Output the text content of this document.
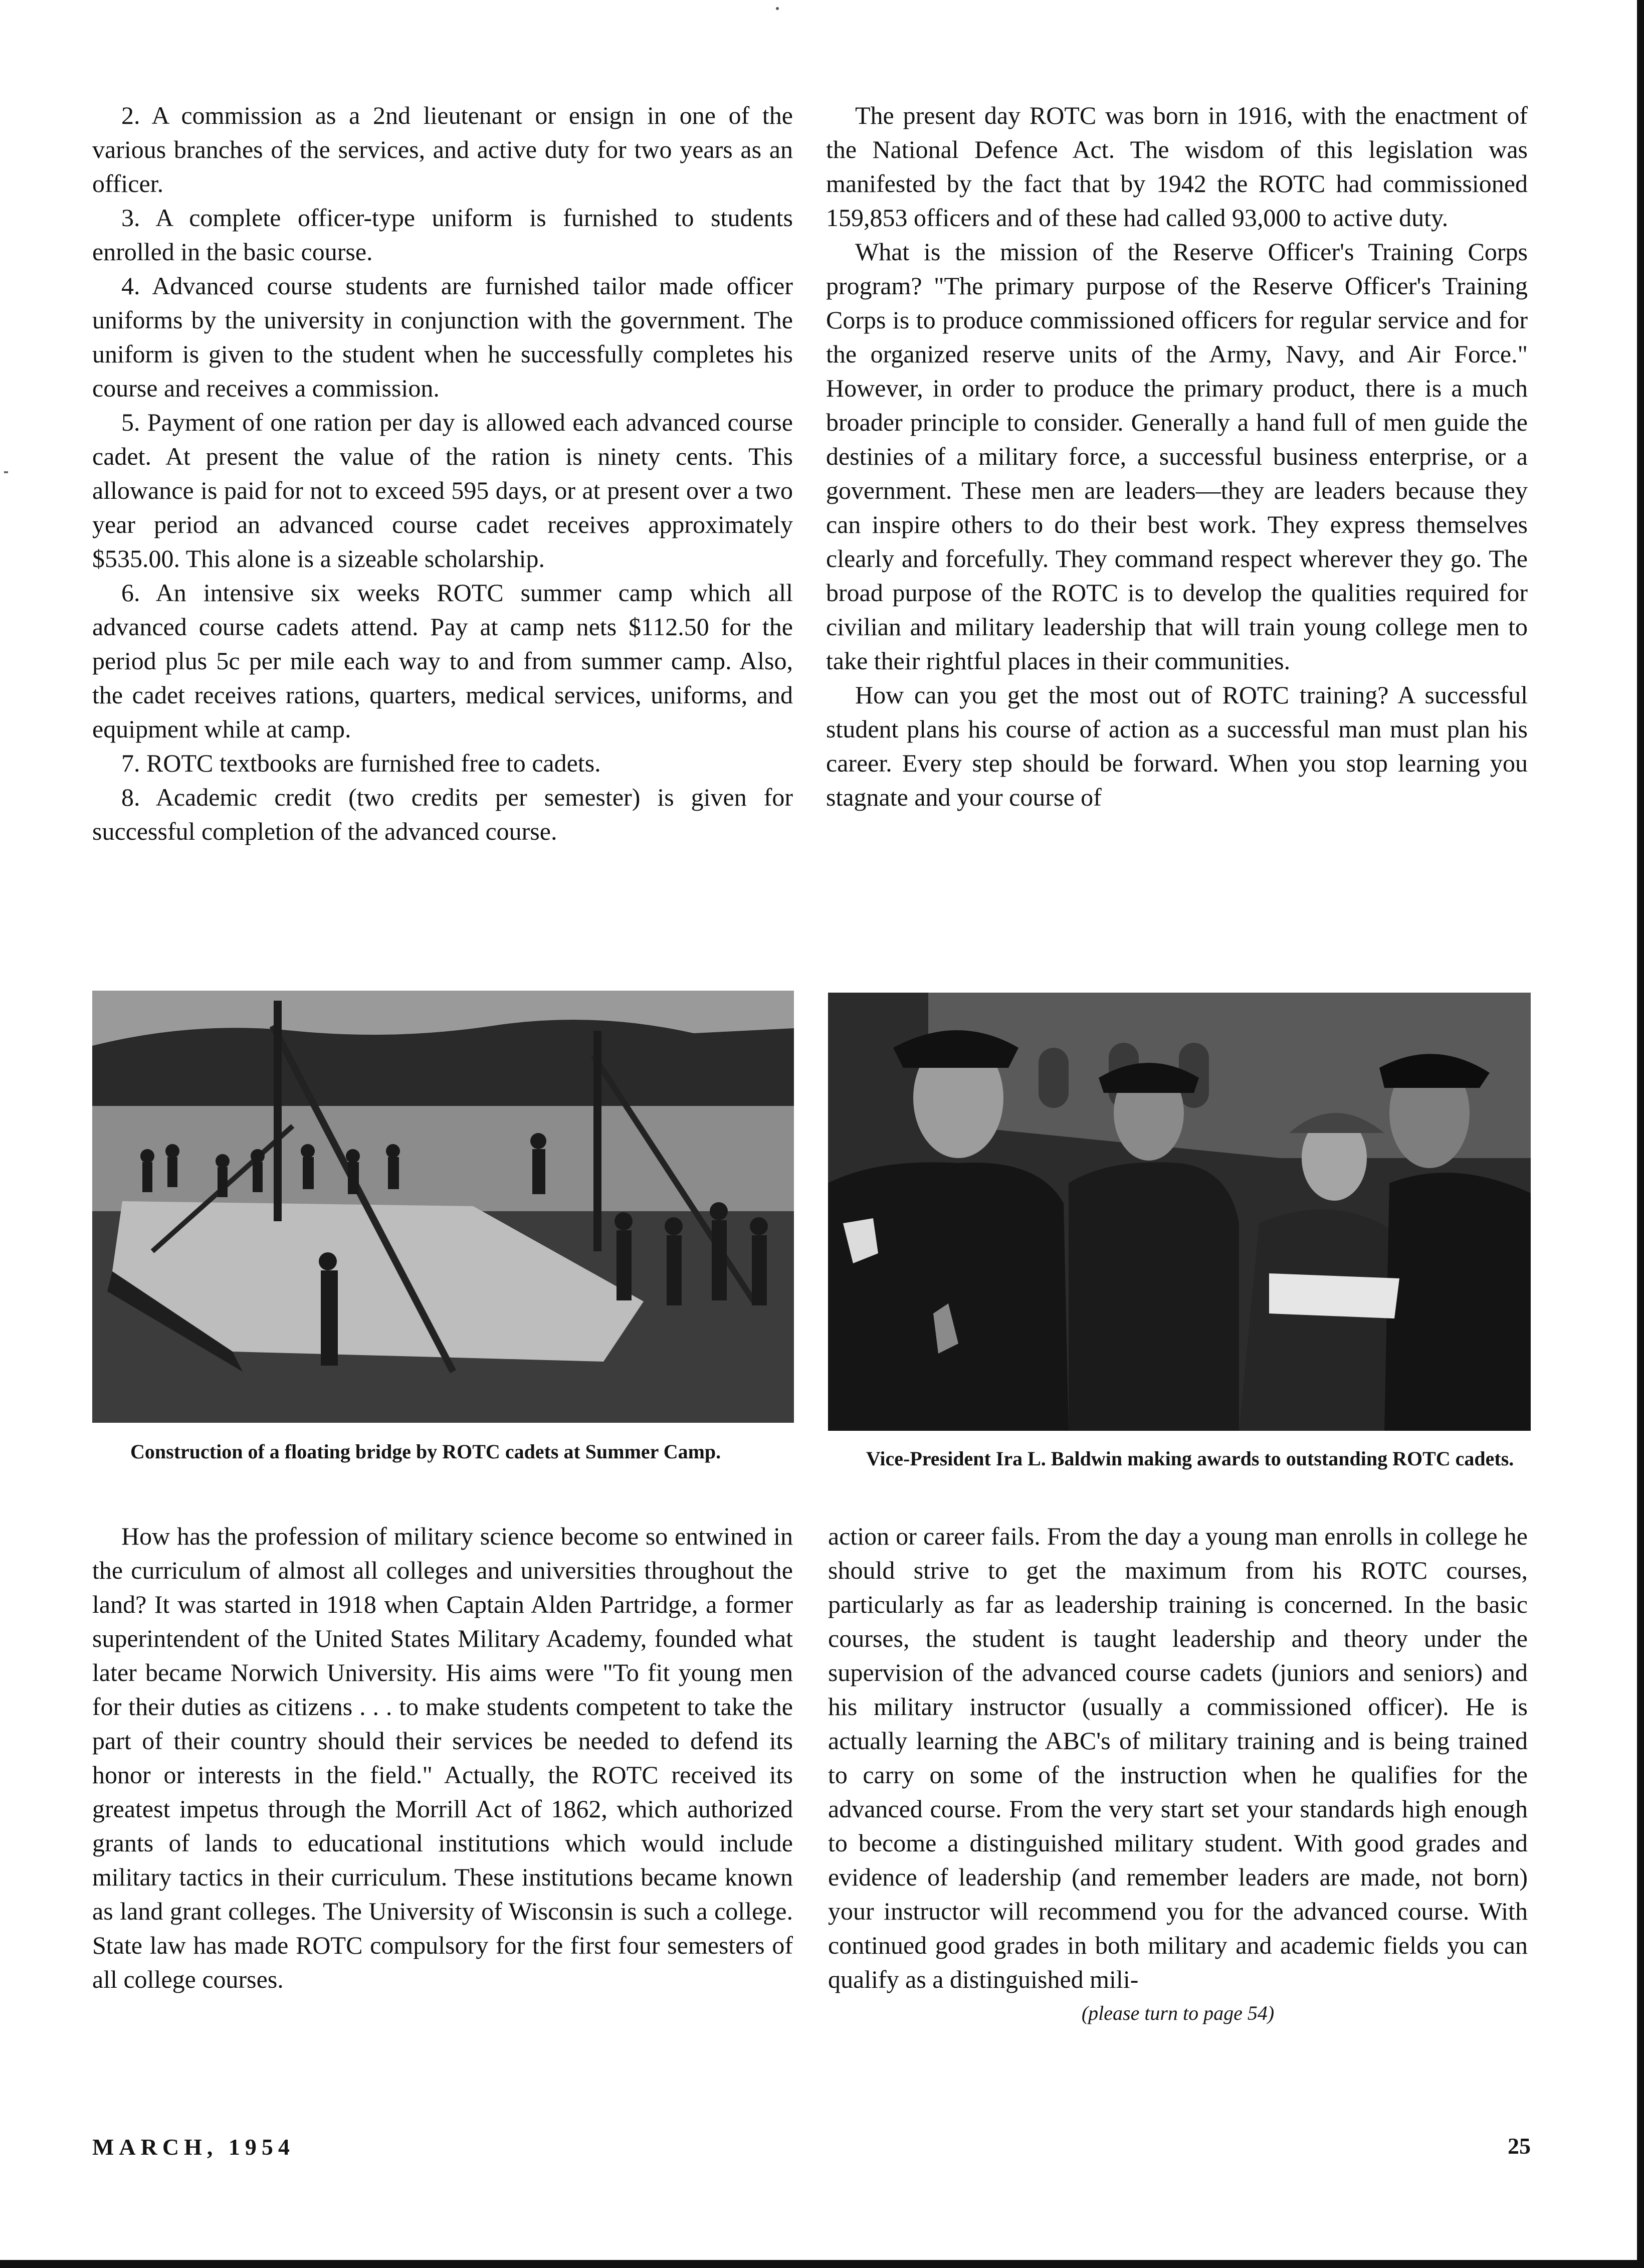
2. A commission as a 2nd lieutenant or ensign in one of the various branches of the services, and active duty for two years as an officer.

3. A complete officer-type uniform is furnished to students enrolled in the basic course.

4. Advanced course students are furnished tailor made officer uniforms by the university in conjunction with the government. The uniform is given to the student when he successfully completes his course and receives a commission.

5. Payment of one ration per day is allowed each advanced course cadet. At present the value of the ration is ninety cents. This allowance is paid for not to exceed 595 days, or at present over a two year period an advanced course cadet receives approximately $535.00. This alone is a sizeable scholarship.

6. An intensive six weeks ROTC summer camp which all advanced course cadets attend. Pay at camp nets $112.50 for the period plus 5c per mile each way to and from summer camp. Also, the cadet receives rations, quarters, medical services, uniforms, and equipment while at camp.

7. ROTC textbooks are furnished free to cadets.

8. Academic credit (two credits per semester) is given for successful completion of the advanced course.

The present day ROTC was born in 1916, with the enactment of the National Defence Act. The wisdom of this legislation was manifested by the fact that by 1942 the ROTC had commissioned 159,853 officers and of these had called 93,000 to active duty.

What is the mission of the Reserve Officer's Training Corps program? "The primary purpose of the Reserve Officer's Training Corps is to produce commissioned officers for regular service and for the organized reserve units of the Army, Navy, and Air Force." However, in order to produce the primary product, there is a much broader principle to consider. Generally a hand full of men guide the destinies of a military force, a successful business enterprise, or a government. These men are leaders—they are leaders because they can inspire others to do their best work. They express themselves clearly and forcefully. They command respect wherever they go. The broad purpose of the ROTC is to develop the qualities required for civilian and military leadership that will train young college men to take their rightful places in their communities.

How can you get the most out of ROTC training? A successful student plans his course of action as a successful man must plan his career. Every step should be forward. When you stop learning you stagnate and your course of

Construction of a floating bridge by ROTC cadets at Summer Camp.	Vice-President Ira L. Baldwin making awards to outstanding ROTC cadets.

How has the profession of military science become so entwined in the curriculum of almost all colleges and universities throughout the land? It was started in 1918 when Captain Alden Partridge, a former superintendent of the United States Military Academy, founded what later became Norwich University. His aims were "To fit young men for their duties as citizens . . . to make students competent to take the part of their country should their services be needed to defend its honor or interests in the field." Actually, the ROTC received its greatest impetus through the Morrill Act of 1862, which authorized grants of lands to educational institutions which would include military tactics in their curriculum. These institutions became known as land grant colleges. The University of Wisconsin is such a college. State law has made ROTC compulsory for the first four semesters of all college courses.

action or career fails. From the day a young man enrolls in college he should strive to get the maximum from his ROTC courses, particularly as far as leadership training is concerned. In the basic courses, the student is taught leadership and theory under the supervision of the advanced course cadets (juniors and seniors) and his military instructor (usually a commissioned officer). He is actually learning the ABC's of military training and is being trained to carry on some of the instruction when he qualifies for the advanced course. From the very start set your standards high enough to become a distinguished military student. With good grades and evidence of leadership (and remember leaders are made, not born) your instructor will recommend you for the advanced course. With continued good grades in both military and academic fields you can qualify as a distinguished mili-

(please turn to page 54)

MARCH, 1954	25
